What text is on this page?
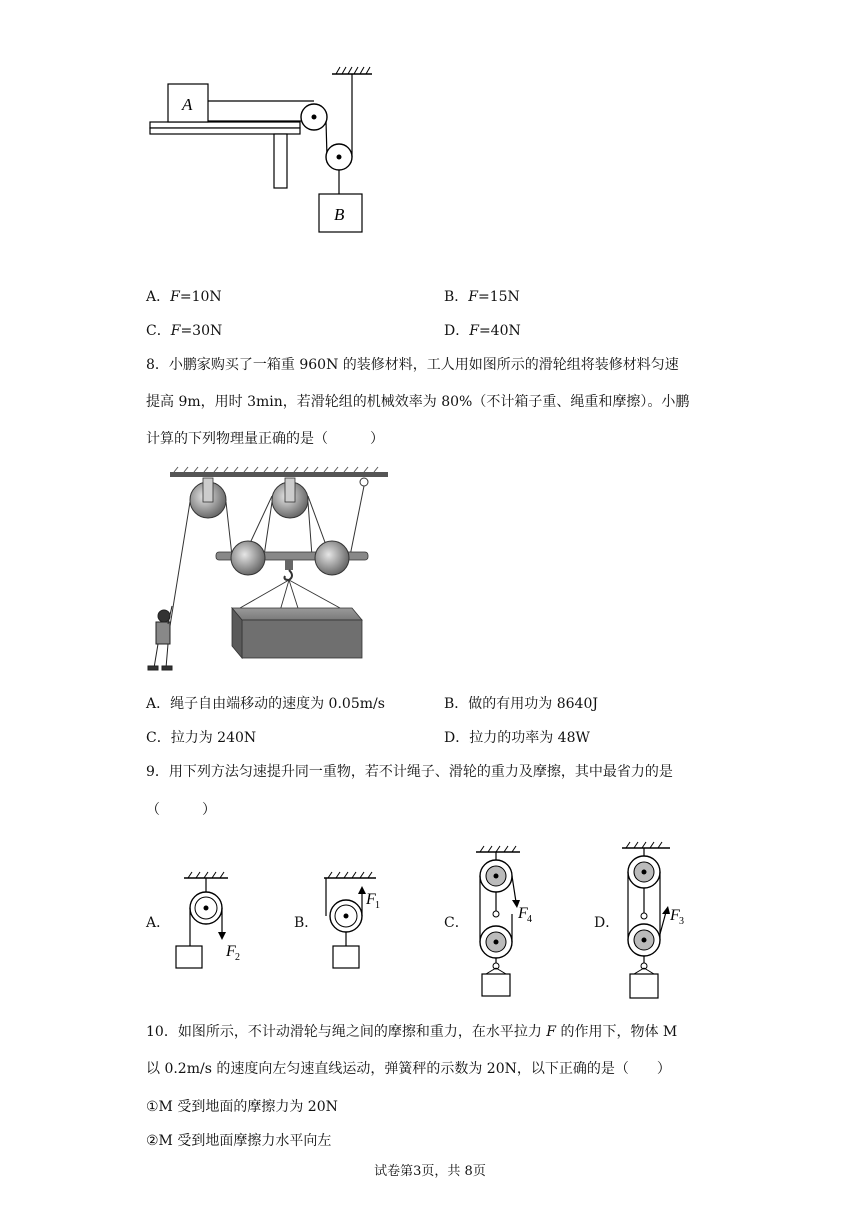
A
B
A．F=10N	B．F=15N
C．F=30N	D．F=40N
8．小鹏家购买了一箱重 960N 的装修材料，工人用如图所示的滑轮组将装修材料匀速
提高 9m，用时 3min，若滑轮组的机械效率为 80%（不计箱子重、绳重和摩擦）。小鹏
计算的下列物理量正确的是（　　　）
A．绳子自由端移动的速度为 0.05m/s	B．做的有用功为 8640J
C．拉力为 240N	D．拉力的功率为 48W
9．用下列方法匀速提升同一重物，若不计绳子、滑轮的重力及摩擦，其中最省力的是
（　　　）
A．
F 2
B．
F 1
C．
F 4	D．	F 3
10．如图所示，不计动滑轮与绳之间的摩擦和重力，在水平拉力 F 的作用下，物体 M
以 0.2m/s 的速度向左匀速直线运动，弹簧秤的示数为 20N，以下正确的是（　　）
①M 受到地面的摩擦力为 20N
②M 受到地面摩擦力水平向左
试卷第3页，共 8页
